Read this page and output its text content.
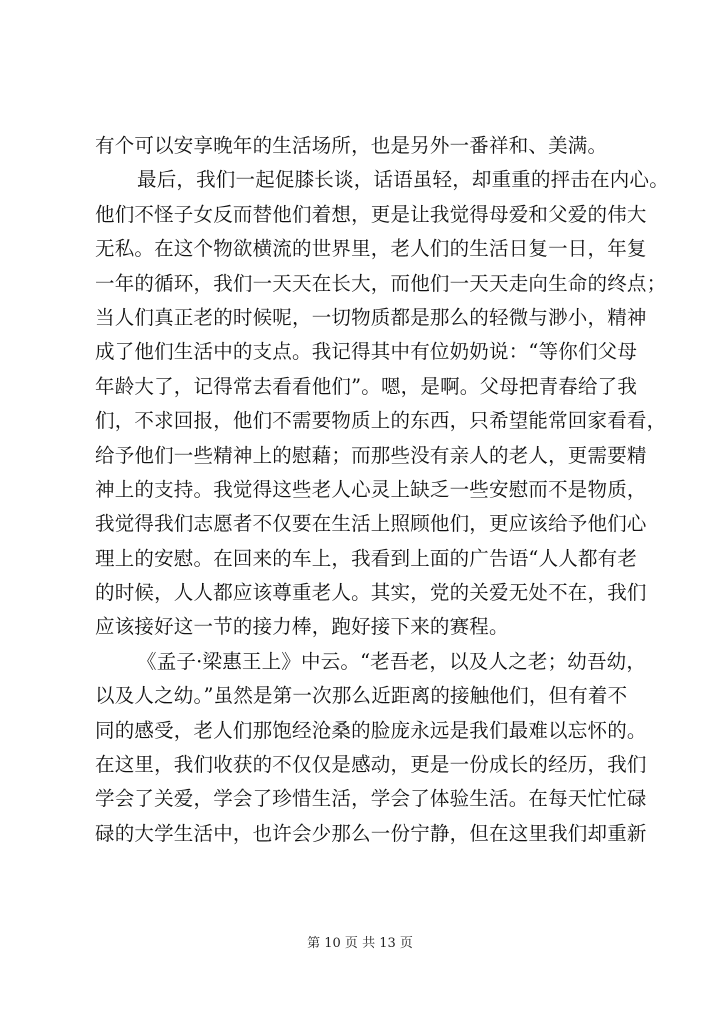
有个可以安享晚年的生活场所，也是另外一番祥和、美满。
最后，我们一起促膝长谈，话语虽轻，却重重的抨击在内心。
他们不怪子女反而替他们着想，更是让我觉得母爱和父爱的伟大
无私。在这个物欲横流的世界里，老人们的生活日复一日，年复
一年的循环，我们一天天在长大，而他们一天天走向生命的终点；
当人们真正老的时候呢，一切物质都是那么的轻微与渺小，精神
成了他们生活中的支点。我记得其中有位奶奶说：“等你们父母
年龄大了，记得常去看看他们”。嗯，是啊。父母把青春给了我
们，不求回报，他们不需要物质上的东西，只希望能常回家看看，
给予他们一些精神上的慰藉；而那些没有亲人的老人，更需要精
神上的支持。我觉得这些老人心灵上缺乏一些安慰而不是物质，
我觉得我们志愿者不仅要在生活上照顾他们，更应该给予他们心
理上的安慰。在回来的车上，我看到上面的广告语“人人都有老
的时候，人人都应该尊重老人。其实，党的关爱无处不在，我们
应该接好这一节的接力棒，跑好接下来的赛程。
《孟子·梁惠王上》中云。“老吾老，以及人之老；幼吾幼，
以及人之幼。”虽然是第一次那么近距离的接触他们，但有着不
同的感受，老人们那饱经沧桑的脸庞永远是我们最难以忘怀的。
在这里，我们收获的不仅仅是感动，更是一份成长的经历，我们
学会了关爱，学会了珍惜生活，学会了体验生活。在每天忙忙碌
碌的大学生活中，也许会少那么一份宁静，但在这里我们却重新
第 10 页 共 13 页
